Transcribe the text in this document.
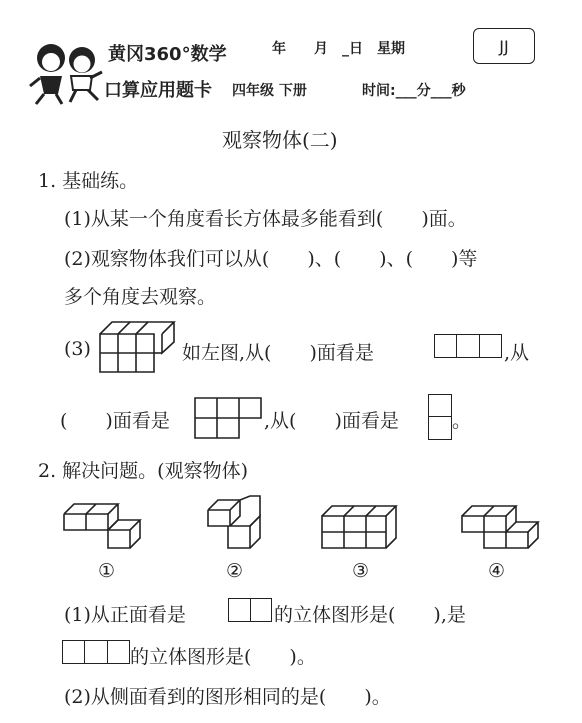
黄冈360°数学
口算应用题卡
年　　月　_日　星期
四年级 下册	时间:___分___秒
JJ
观察物体(二)
1. 基础练。
(1)从某一个角度看长方体最多能看到(　　)面。
(2)观察物体我们可以从(　　)、(　　)、(　　)等
多个角度去观察。
(3)	如左图,从(　　)面看是	,从
(　　)面看是	,从(　　)面看是	。
2. 解决问题。(观察物体)
①	②	③	④
(1)从正面看是	的立体图形是(　　),是
的立体图形是(　　)。
(2)从侧面看到的图形相同的是(　　)。
